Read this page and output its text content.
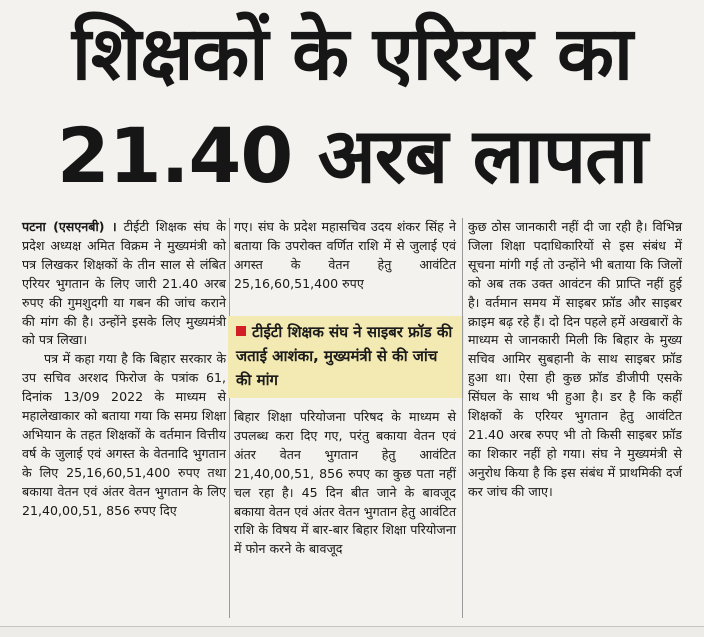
शिक्षकों के एरियर का
21.40 अरब लापता

पटना (एसएनबी) । टीईटी शिक्षक संघ के प्रदेश अध्यक्ष अमित विक्रम ने मुख्यमंत्री को पत्र लिखकर शिक्षकों के तीन साल से लंबित एरियर भुगतान के लिए जारी 21.40 अरब रुपए की गुमशुदगी या गबन की जांच कराने की मांग की है। उन्होंने इसके लिए मुख्यमंत्री को पत्र लिखा।

पत्र में कहा गया है कि बिहार सरकार के उप सचिव अरशद फिरोज के पत्रांक 61, दिनांक 13/09 2022 के माध्यम से महालेखाकार को बताया गया कि समग्र शिक्षा अभियान के तहत शिक्षकों के वर्तमान वित्तीय वर्ष के जुलाई एवं अगस्त के वेतनादि भुगतान के लिए 25,16,60,51,400 रुपए तथा बकाया वेतन एवं अंतर वेतन भुगतान के लिए 21,40,00,51, 856 रुपए दिए

गए। संघ के प्रदेश महासचिव उदय शंकर सिंह ने बताया कि उपरोक्त वर्णित राशि में से जुलाई एवं अगस्त के वेतन हेतु आवंटित 25,16,60,51,400 रुपए

टीईटी शिक्षक संघ ने साइबर फ्रॉड की जताई आशंका, मुख्यमंत्री से की जांच की मांग

बिहार शिक्षा परियोजना परिषद के माध्यम से उपलब्ध करा दिए गए, परंतु बकाया वेतन एवं अंतर वेतन भुगतान हेतु आवंटित 21,40,00,51, 856 रुपए का कुछ पता नहीं चल रहा है। 45 दिन बीत जाने के बावजूद बकाया वेतन एवं अंतर वेतन भुगतान हेतु आवंटित राशि के विषय में बार-बार बिहार शिक्षा परियोजना में फोन करने के बावजूद

कुछ ठोस जानकारी नहीं दी जा रही है। विभिन्न जिला शिक्षा पदाधिकारियों से इस संबंध में सूचना मांगी गई तो उन्होंने भी बताया कि जिलों को अब तक उक्त आवंटन की प्राप्ति नहीं हुई है। वर्तमान समय में साइबर फ्रॉड और साइबर क्राइम बढ़ रहे हैं। दो दिन पहले हमें अखबारों के माध्यम से जानकारी मिली कि बिहार के मुख्य सचिव आमिर सुबहानी के साथ साइबर फ्रॉड हुआ था। ऐसा ही कुछ फ्रॉड डीजीपी एसके सिंघल के साथ भी हुआ है। डर है कि कहीं शिक्षकों के एरियर भुगतान हेतु आवंटित 21.40 अरब रुपए भी तो किसी साइबर फ्रॉड का शिकार नहीं हो गया। संघ ने मुख्यमंत्री से अनुरोध किया है कि इस संबंध में प्राथमिकी दर्ज कर जांच की जाए।
